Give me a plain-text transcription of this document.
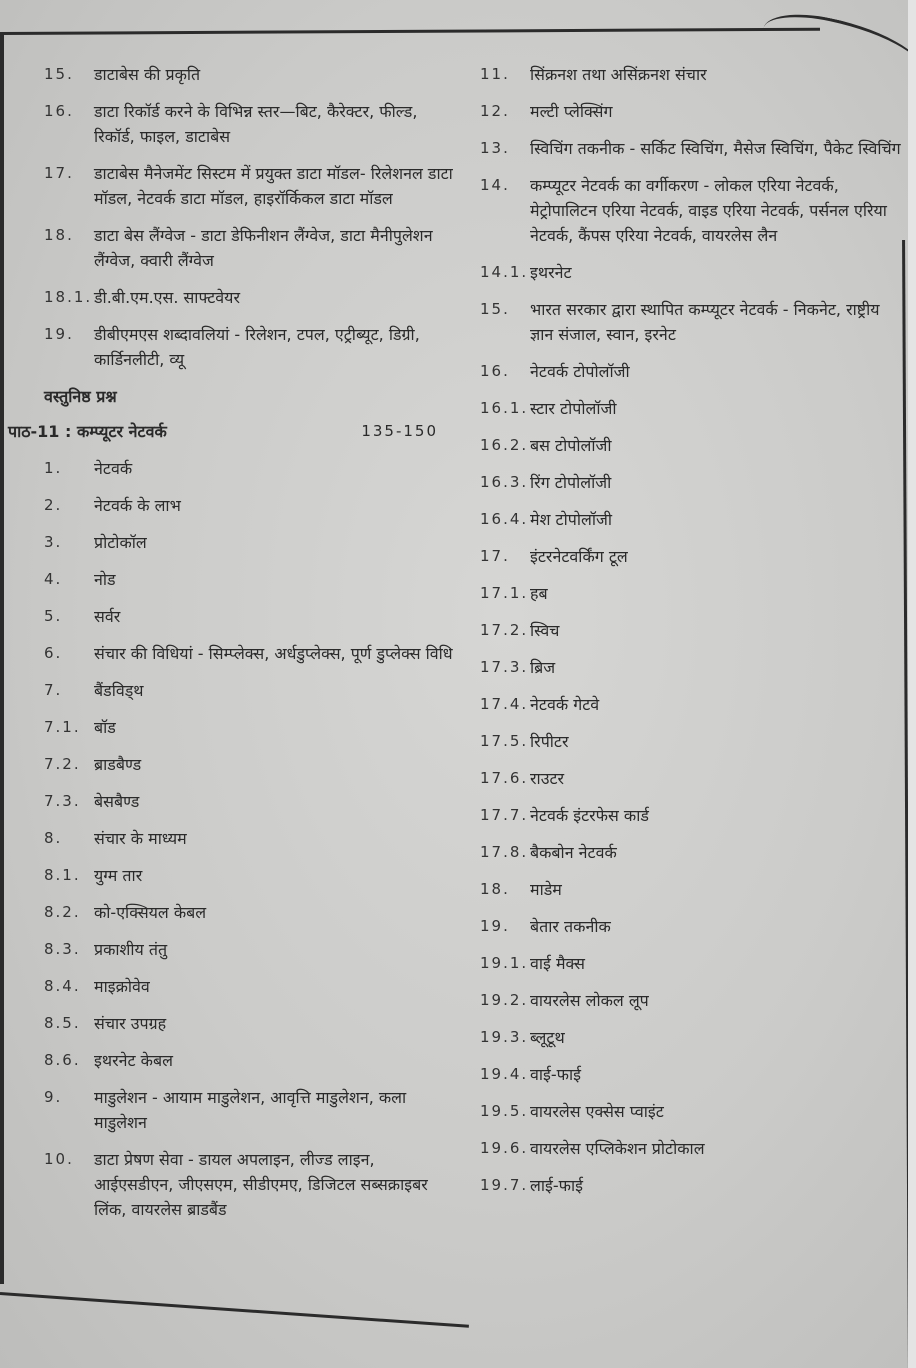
15.	डाटाबेस की प्रकृति
16.	डाटा रिकॉर्ड करने के विभिन्न स्तर—बिट, कैरेक्टर, फील्ड, रिकॉर्ड, फाइल, डाटाबेस
17.	डाटाबेस मैनेजमेंट सिस्टम में प्रयुक्त डाटा मॉडल- रिलेशनल डाटा मॉडल, नेटवर्क डाटा मॉडल, हाइरॉर्किकल डाटा मॉडल
18.	डाटा बेस लैंग्वेज - डाटा डेफिनीशन लैंग्वेज, डाटा मैनीपुलेशन लैंग्वेज, क्वारी लैंग्वेज
18.1. डी.बी.एम.एस. साफ्टवेयर
19.	डीबीएमएस शब्दावलियां - रिलेशन, टपल, एट्रीब्यूट, डिग्री, कार्डिनलीटी, व्यू
वस्तुनिष्ठ प्रश्न
पाठ-11 : कम्प्यूटर नेटवर्क	135-150
1.	नेटवर्क
2.	नेटवर्क के लाभ
3.	प्रोटोकॉल
4.	नोड
5.	सर्वर
6.	संचार की विधियां - सिम्प्लेक्स, अर्धडुप्लेक्स, पूर्ण डुप्लेक्स विधि
7.	बैंडविड्थ
7.1. बॉड
7.2. ब्राडबैण्ड
7.3. बेसबैण्ड
8.	संचार के माध्यम
8.1. युग्म तार
8.2. को-एक्सियल केबल
8.3. प्रकाशीय तंतु
8.4. माइक्रोवेव
8.5. संचार उपग्रह
8.6. इथरनेट केबल
9.	माडुलेशन - आयाम माडुलेशन, आवृत्ति माडुलेशन, कला माडुलेशन
10.	डाटा प्रेषण सेवा - डायल अपलाइन, लीज्ड लाइन, आईएसडीएन, जीएसएम, सीडीएमए, डिजिटल सब्सक्राइबर लिंक, वायरलेस ब्राडबैंड
11.	सिंक्रनश तथा असिंक्रनश संचार
12.	मल्टी प्लेक्सिंग
13.	स्विचिंग तकनीक - सर्किट स्विचिंग, मैसेज स्विचिंग, पैकेट स्विचिंग
14.	कम्प्यूटर नेटवर्क का वर्गीकरण - लोकल एरिया नेटवर्क, मेट्रोपालिटन एरिया नेटवर्क, वाइड एरिया नेटवर्क, पर्सनल एरिया नेटवर्क, कैंपस एरिया नेटवर्क, वायरलेस लैन
14.1. इथरनेट
15.	भारत सरकार द्वारा स्थापित कम्प्यूटर नेटवर्क - निकनेट, राष्ट्रीय ज्ञान संजाल, स्वान, इरनेट
16.	नेटवर्क टोपोलॉजी
16.1. स्टार टोपोलॉजी
16.2. बस टोपोलॉजी
16.3. रिंग टोपोलॉजी
16.4. मेश टोपोलॉजी
17.	इंटरनेटवर्किंग टूल
17.1. हब
17.2. स्विच
17.3. ब्रिज
17.4. नेटवर्क गेटवे
17.5. रिपीटर
17.6. राउटर
17.7. नेटवर्क इंटरफेस कार्ड
17.8. बैकबोन नेटवर्क
18.	माडेम
19.	बेतार तकनीक
19.1. वाई मैक्स
19.2. वायरलेस लोकल लूप
19.3. ब्लूटूथ
19.4. वाई-फाई
19.5. वायरलेस एक्सेस प्वाइंट
19.6. वायरलेस एप्लिकेशन प्रोटोकाल
19.7. लाई-फाई
